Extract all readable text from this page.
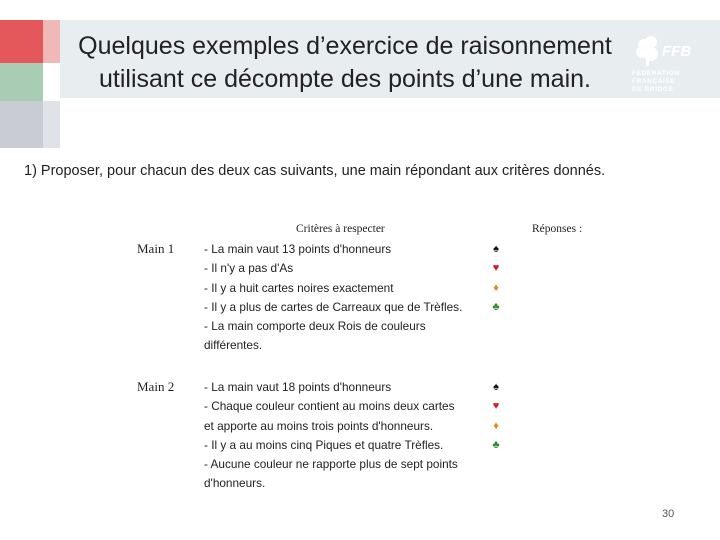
Quelques exemples d’exercice de raisonnement
utilisant ce décompte des points d’une main.
FFB
FEDERATION
FRANÇAISE
DE BRIDGE
1) Proposer, pour chacun des deux cas suivants, une main répondant aux critères donnés.
Critères à respecter	Réponses :
Main 1	- La main vaut 13 points d'honneurs
- Il n'y a pas d'As
- Il y a huit cartes noires exactement
- Il y a plus de cartes de Carreaux que de Trèfles.
- La main comporte deux Rois de couleurs
différentes.
♠
♥
♦
♣
Main 2	- La main vaut 18 points d'honneurs
- Chaque couleur contient au moins deux cartes
et apporte au moins trois points d'honneurs.
- Il y a au moins cinq Piques et quatre Trèfles.
- Aucune couleur ne rapporte plus de sept points
d'honneurs.
♠
♥
♦
♣
30
